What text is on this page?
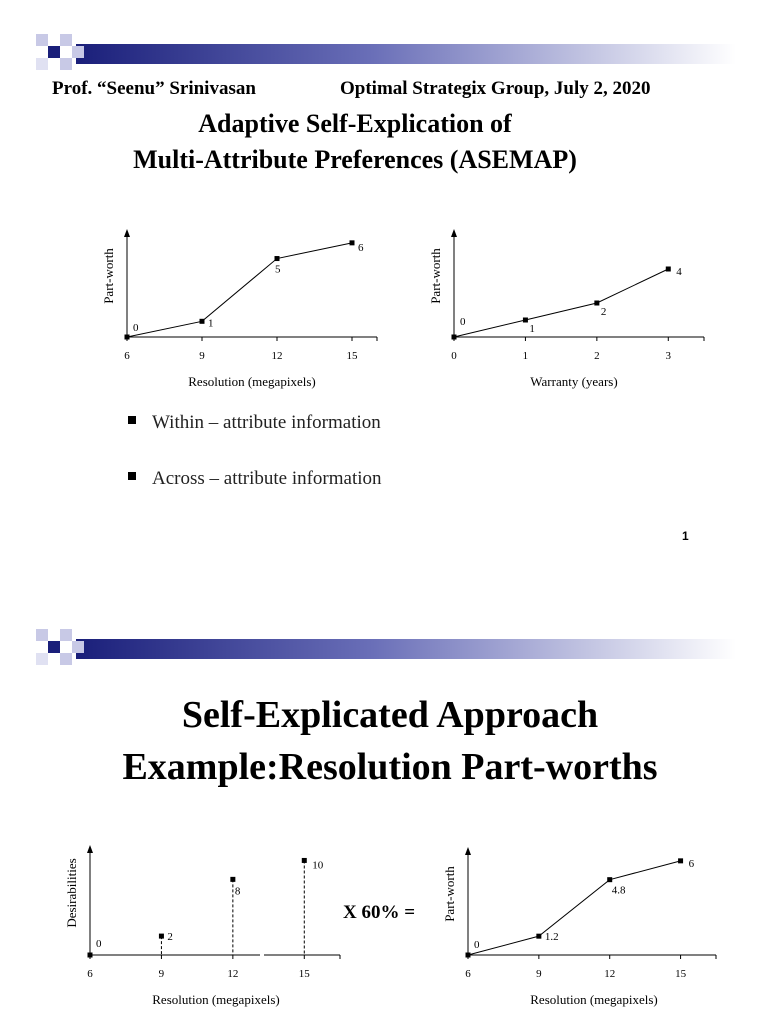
Prof. “Seenu” Srinivasan	Optimal Strategix Group, July 2, 2020
Adaptive Self-Explication of
Multi-Attribute Preferences (ASEMAP)
6	9	12	15
Resolution (megapixels)
Part-worth
0	1
5
6
0	1	2	3
Warranty (years)
Part-worth
0
1
2
4
Within – attribute information
Across – attribute information
1
Self-Explicated Approach
Example:Resolution Part-worths
6	9	12	15
Resolution (megapixels)
Desirabilities
0
2
8
10
X 60% =
6	9	12	15
Resolution (megapixels)
Part-worth
0
1.2
4.8
6
